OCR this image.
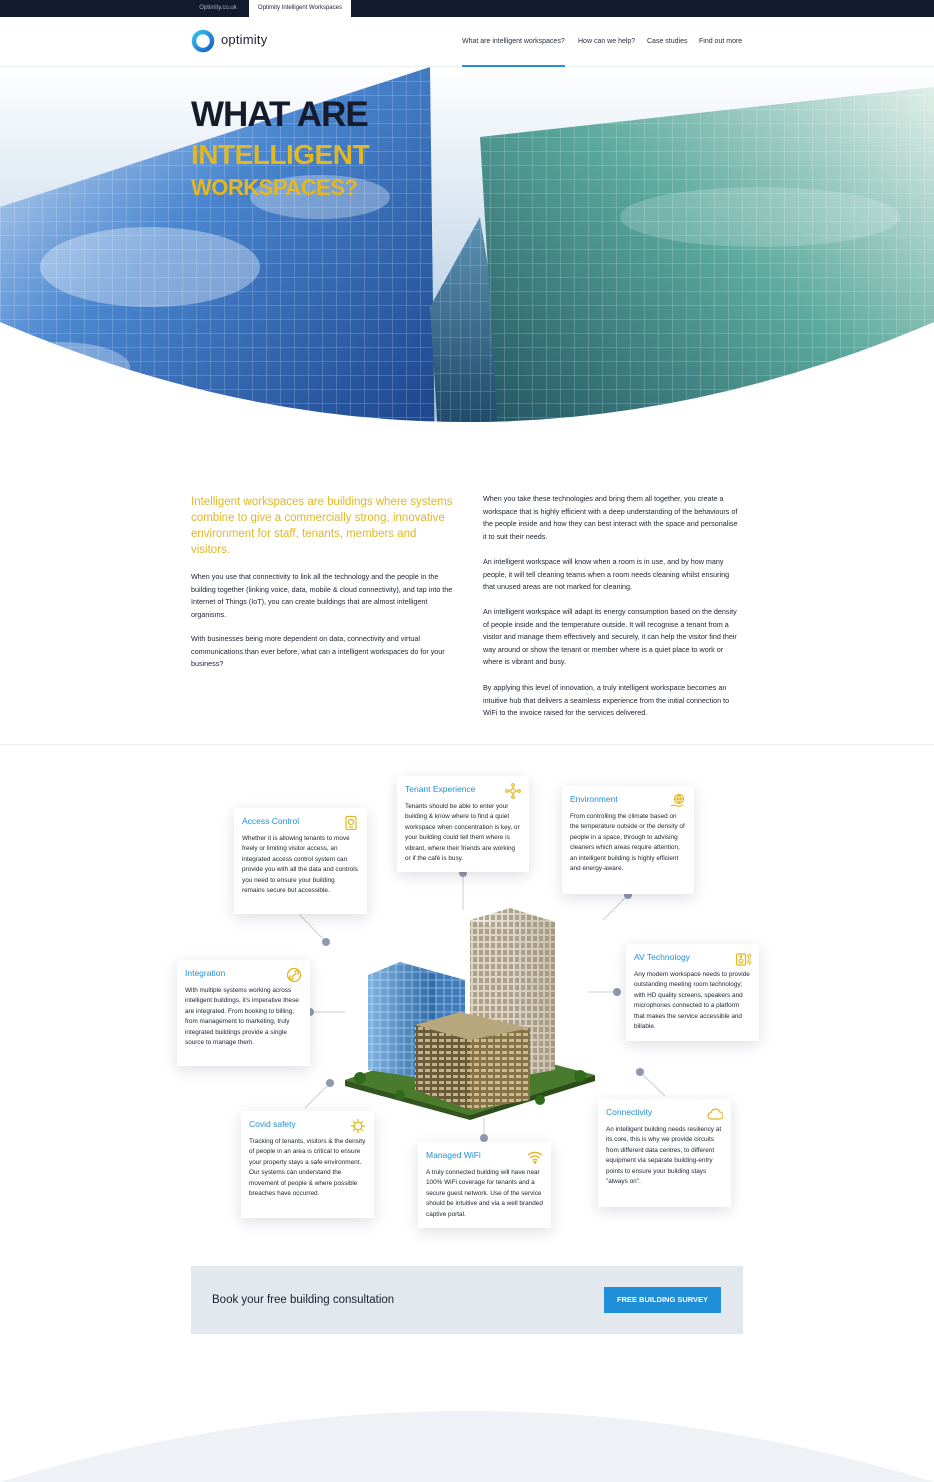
Optimity.co.uk	Optimity Intelligent Workspaces
optimity	What are intelligent workspaces? How can we help? Case studies Find out more
WHAT ARE
INTELLIGENT
WORKSPACES?
Intelligent workspaces are buildings where systems combine to give a commercially strong, innovative environment for staff, tenants, members and visitors.

When you use that connectivity to link all the technology and the people in the building together (linking voice, data, mobile & cloud connectivity), and tap into the Internet of Things (IoT), you can create buildings that are almost intelligent organisms.

With businesses being more dependent on data, connectivity and virtual communications than ever before, what can a intelligent workspaces do for your business?

When you take these technologies and bring them all together, you create a workspace that is highly efficient with a deep understanding of the behaviours of the people inside and how they can best interact with the space and personalise it to suit their needs.

An intelligent workspace will know when a room is in use, and by how many people, it will tell cleaning teams when a room needs cleaning whilst ensuring that unused areas are not marked for cleaning.

An intelligent workspace will adapt its energy consumption based on the density of people inside and the temperature outside. It will recognise a tenant from a visitor and manage them effectively and securely, it can help the visitor find their way around or show the tenant or member where is a quiet place to work or where is vibrant and busy.

By applying this level of innovation, a truly intelligent workspace becomes an intuitive hub that delivers a seamless experience from the initial connection to WiFi to the invoice raised for the services delivered.

Tenant Experience

Tenants should be able to enter your building & know where to find a quiet workspace when concentration is key, or your building could tell them where is vibrant, where their friends are working or if the café is busy.

Access Control

Whether it is allowing tenants to move freely or limiting visitor access, an integrated access control system can provide you with all the data and controls you need to ensure your building remains secure but accessible.

Environment

From controlling the climate based on the temperature outside or the density of people in a space, through to advising cleaners which areas require attention, an intelligent building is highly efficient and energy-aware.

Integration

With multiple systems working across intelligent buildings, it's imperative these are integrated. From booking to billing, from management to marketing, truly integrated buildings provide a single source to manage them.

AV Technology

Any modern workspace needs to provide outstanding meeting room technology; with HD quality screens, speakers and microphones connected to a platform that makes the service accessible and billable.

Covid safety

Tracking of tenants, visitors & the density of people in an area is critical to ensure your property stays a safe environment. Our systems can understand the movement of people & where possible breaches have occurred.

Managed WiFi

A truly connected building will have near 100% WiFi coverage for tenants and a secure guest network. Use of the service should be intuitive and via a well branded captive portal.

Connectivity

An intelligent building needs resiliency at its core, this is why we provide circuits from different data centres, to different equipment via separate building-entry points to ensure your building stays "always on".

Book your free building consultation	FREE BUILDING SURVEY
